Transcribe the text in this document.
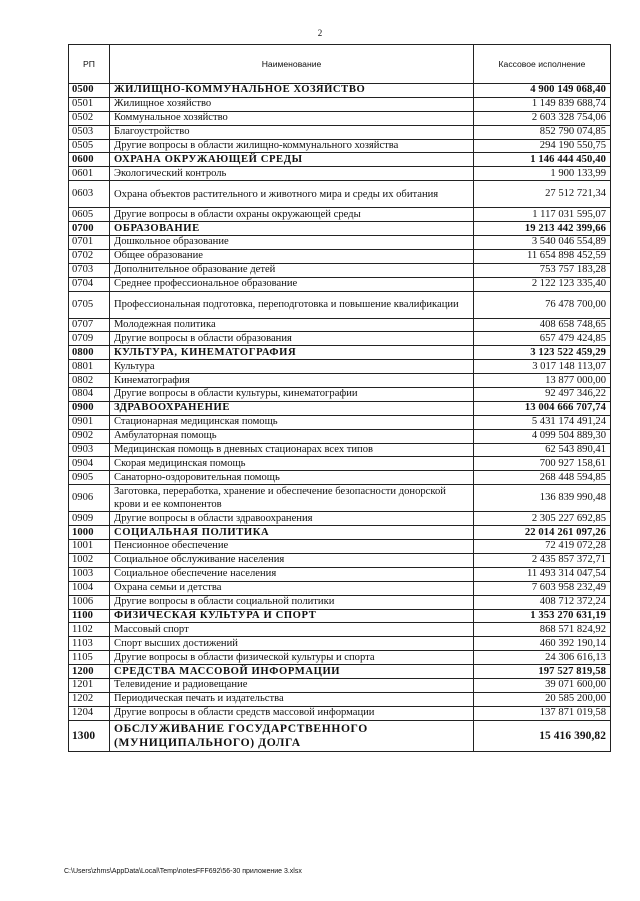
2
РП	Наименование	Кассовое исполнение
0500	ЖИЛИЩНО-КОММУНАЛЬНОЕ ХОЗЯЙСТВО	4 900 149 068,40
0501	Жилищное хозяйство	1 149 839 688,74
0502	Коммунальное хозяйство	2 603 328 754,06
0503	Благоустройство	852 790 074,85
0505	Другие вопросы в области жилищно-коммунального хозяйства	294 190 550,75
0600	ОХРАНА ОКРУЖАЮЩЕЙ СРЕДЫ	1 146 444 450,40
0601	Экологический контроль	1 900 133,99
0603	Охрана объектов растительного и животного мира и среды их обитания	27 512 721,34
0605	Другие вопросы в области охраны окружающей среды	1 117 031 595,07
0700	ОБРАЗОВАНИЕ	19 213 442 399,66
0701	Дошкольное образование	3 540 046 554,89
0702	Общее образование	11 654 898 452,59
0703	Дополнительное образование детей	753 757 183,28
0704	Среднее профессиональное образование	2 122 123 335,40
0705	Профессиональная подготовка, переподготовка и повышение квалификации	76 478 700,00
0707	Молодежная политика	408 658 748,65
0709	Другие вопросы в области образования	657 479 424,85
0800	КУЛЬТУРА, КИНЕМАТОГРАФИЯ	3 123 522 459,29
0801	Культура	3 017 148 113,07
0802	Кинематография	13 877 000,00
0804	Другие вопросы в области культуры, кинематографии	92 497 346,22
0900	ЗДРАВООХРАНЕНИЕ	13 004 666 707,74
0901	Стационарная медицинская помощь	5 431 174 491,24
0902	Амбулаторная помощь	4 099 504 889,30
0903	Медицинская помощь в дневных стационарах всех типов	62 543 890,41
0904	Скорая медицинская помощь	700 927 158,61
0905	Санаторно-оздоровительная помощь	268 448 594,85
0906	Заготовка, переработка, хранение и обеспечение безопасности донорской крови и ее компонентов	136 839 990,48
0909	Другие вопросы в области здравоохранения	2 305 227 692,85
1000	СОЦИАЛЬНАЯ ПОЛИТИКА	22 014 261 097,26
1001	Пенсионное обеспечение	72 419 072,28
1002	Социальное обслуживание населения	2 435 857 372,71
1003	Социальное обеспечение населения	11 493 314 047,54
1004	Охрана семьи и детства	7 603 958 232,49
1006	Другие вопросы в области социальной политики	408 712 372,24
1100	ФИЗИЧЕСКАЯ КУЛЬТУРА И СПОРТ	1 353 270 631,19
1102	Массовый спорт	868 571 824,92
1103	Спорт высших достижений	460 392 190,14
1105	Другие вопросы в области физической культуры и спорта	24 306 616,13
1200	СРЕДСТВА МАССОВОЙ ИНФОРМАЦИИ	197 527 819,58
1201	Телевидение и радиовещание	39 071 600,00
1202	Периодическая печать и издательства	20 585 200,00
1204	Другие вопросы в области средств массовой информации	137 871 019,58
1300	ОБСЛУЖИВАНИЕ ГОСУДАРСТВЕННОГО (МУНИЦИПАЛЬНОГО) ДОЛГА	15 416 390,82
C:\Users\zhms\AppData\Local\Temp\notesFFF692\56-30 приложение 3.xlsx
